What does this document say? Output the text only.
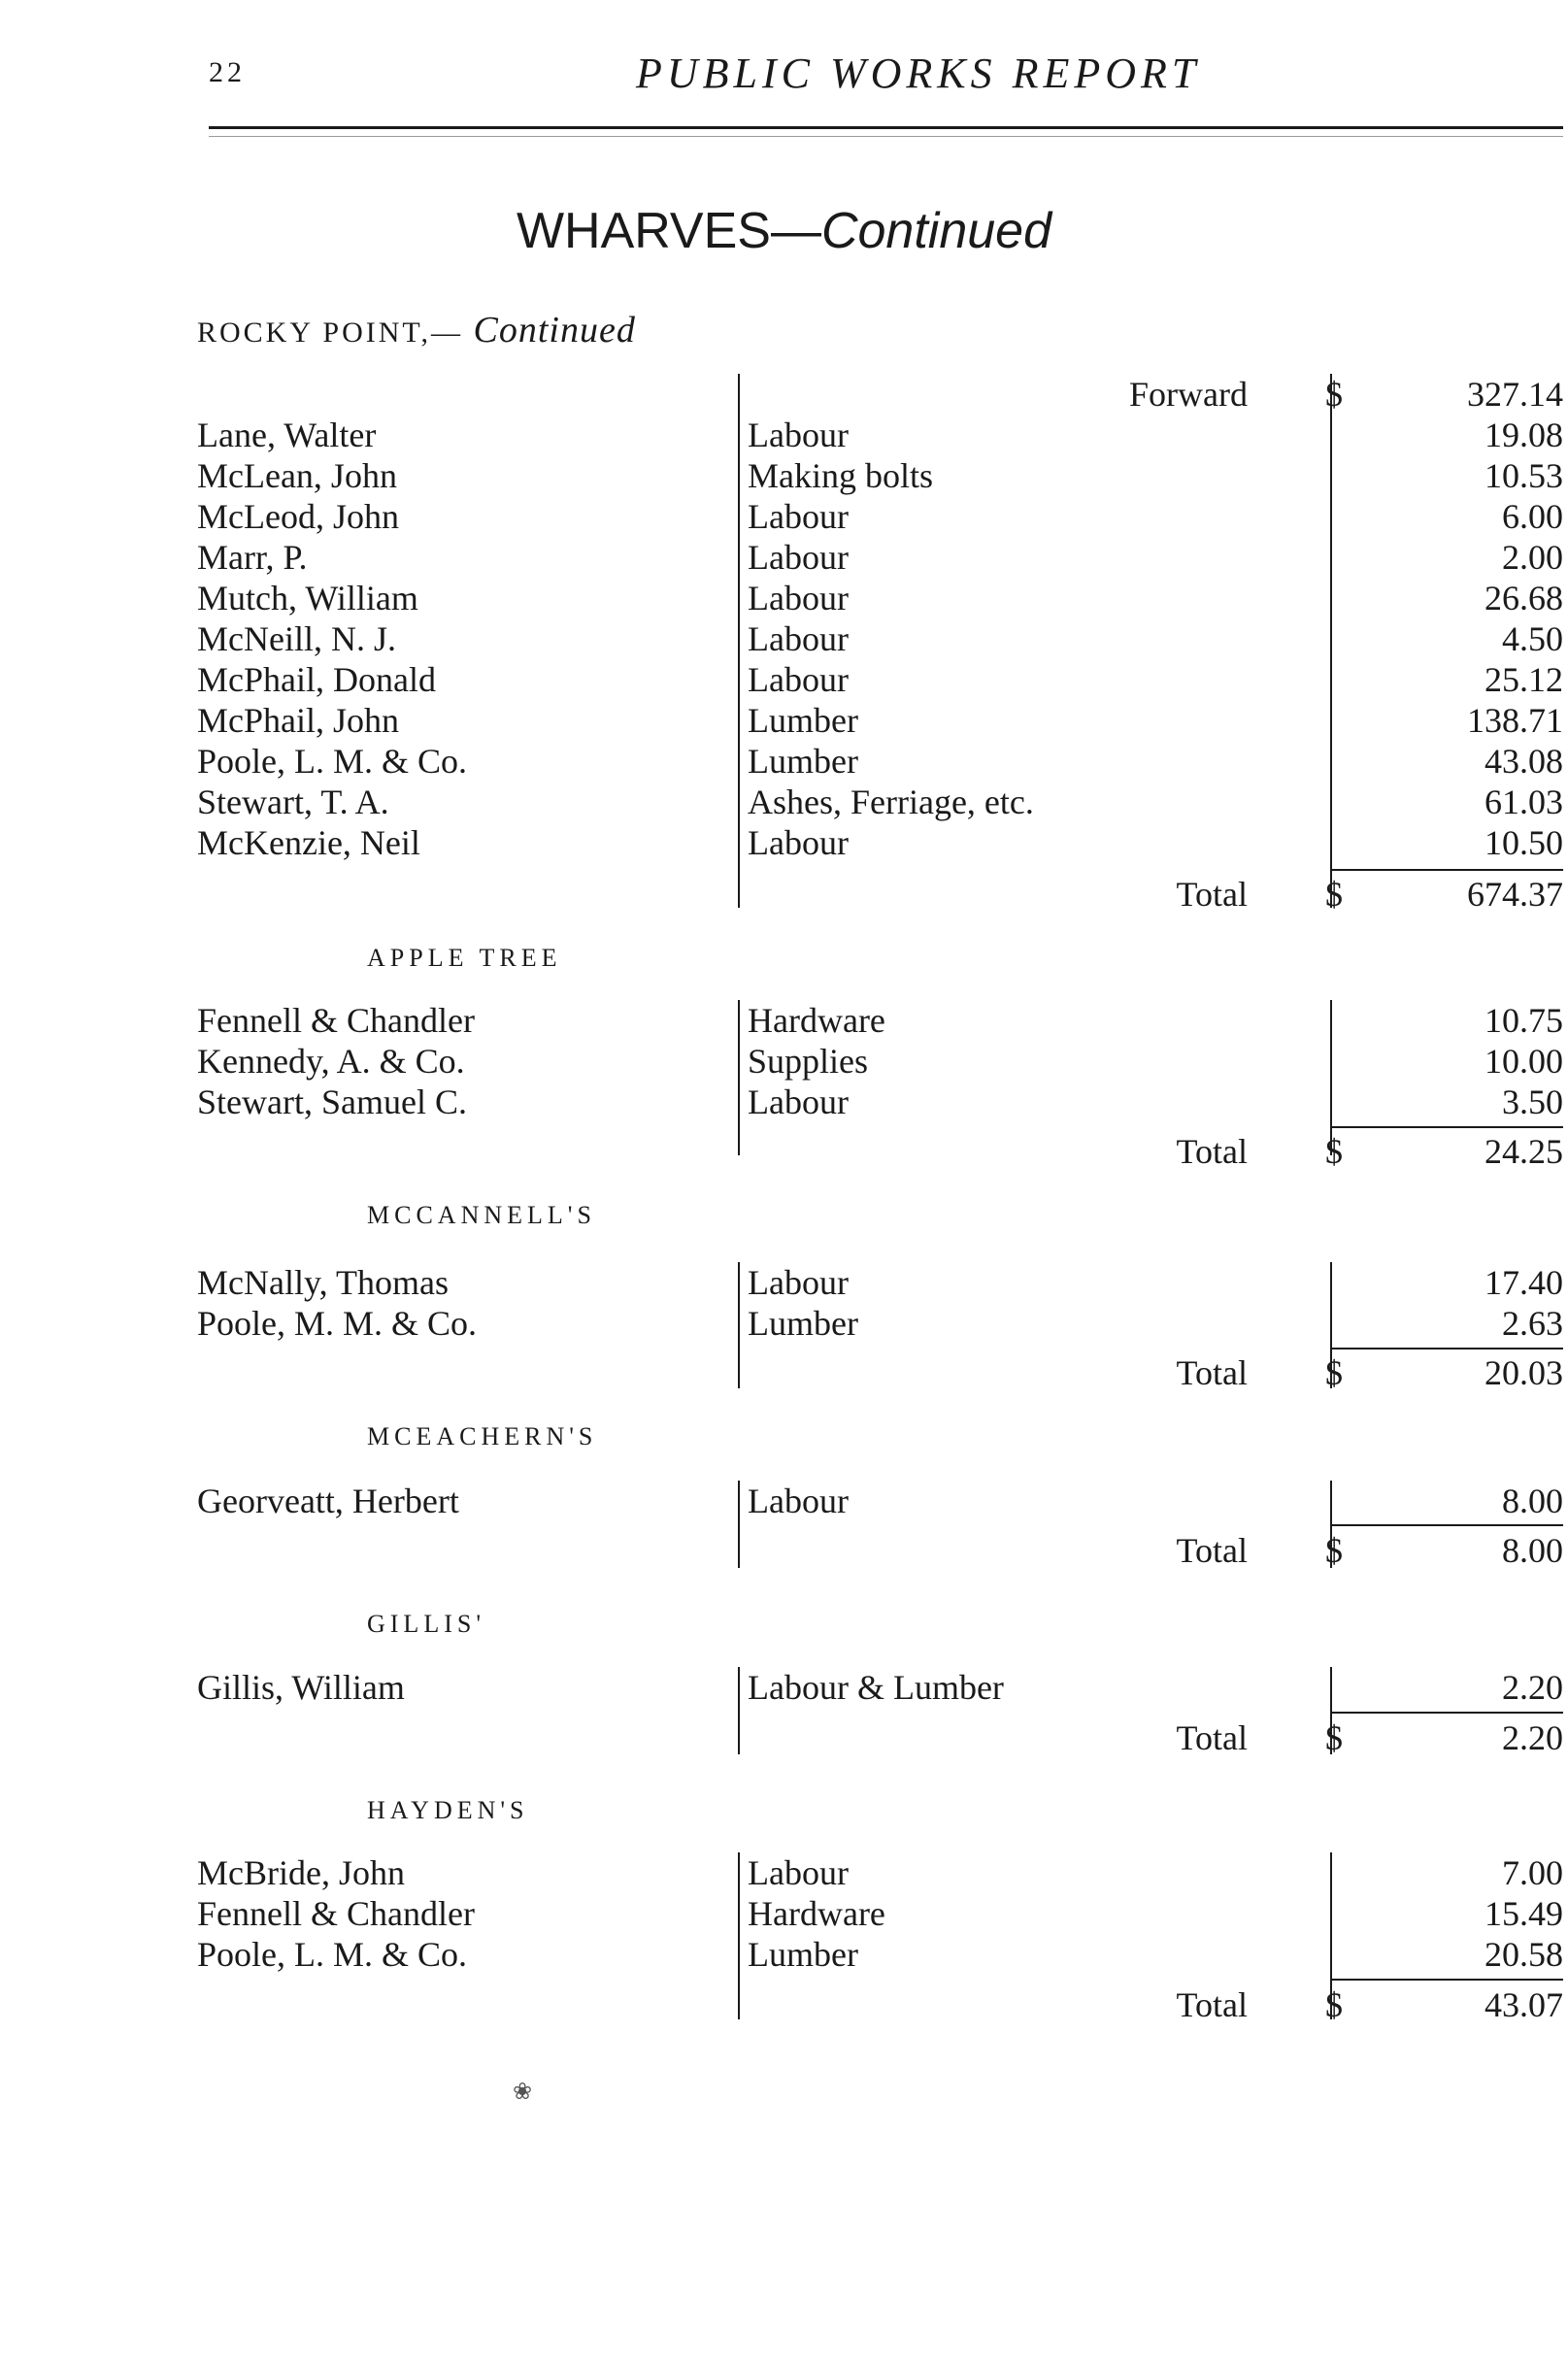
22	PUBLIC WORKS REPORT
WHARVES—Continued
ROCKY POINT,— Continued
Forward $	327.14
Lane, Walter	Labour	19.08
McLean, John	Making bolts	10.53
McLeod, John	Labour	6.00
Marr, P.	Labour	2.00
Mutch, William	Labour	26.68
McNeill, N. J.	Labour	4.50
McPhail, Donald	Labour	25.12
McPhail, John	Lumber	138.71
Poole, L. M. & Co.	Lumber	43.08
Stewart, T. A.	Ashes, Ferriage, etc.	61.03
McKenzie, Neil	Labour	10.50
Total $	674.37
APPLE TREE
Fennell & Chandler	Hardware	10.75
Kennedy, A. & Co.	Supplies	10.00
Stewart, Samuel C.	Labour	3.50
Total $	24.25
MCCANNELL'S
McNally, Thomas	Labour	17.40
Poole, M. M. & Co.	Lumber	2.63
Total $	20.03
MCEACHERN'S
Georveatt, Herbert	Labour	8.00
Total $	8.00
GILLIS'
Gillis, William	Labour & Lumber	2.20
Total $	2.20
HAYDEN'S
McBride, John	Labour	7.00
Fennell & Chandler	Hardware	15.49
Poole, L. M. & Co.	Lumber	20.58
Total $	43.07
❀
